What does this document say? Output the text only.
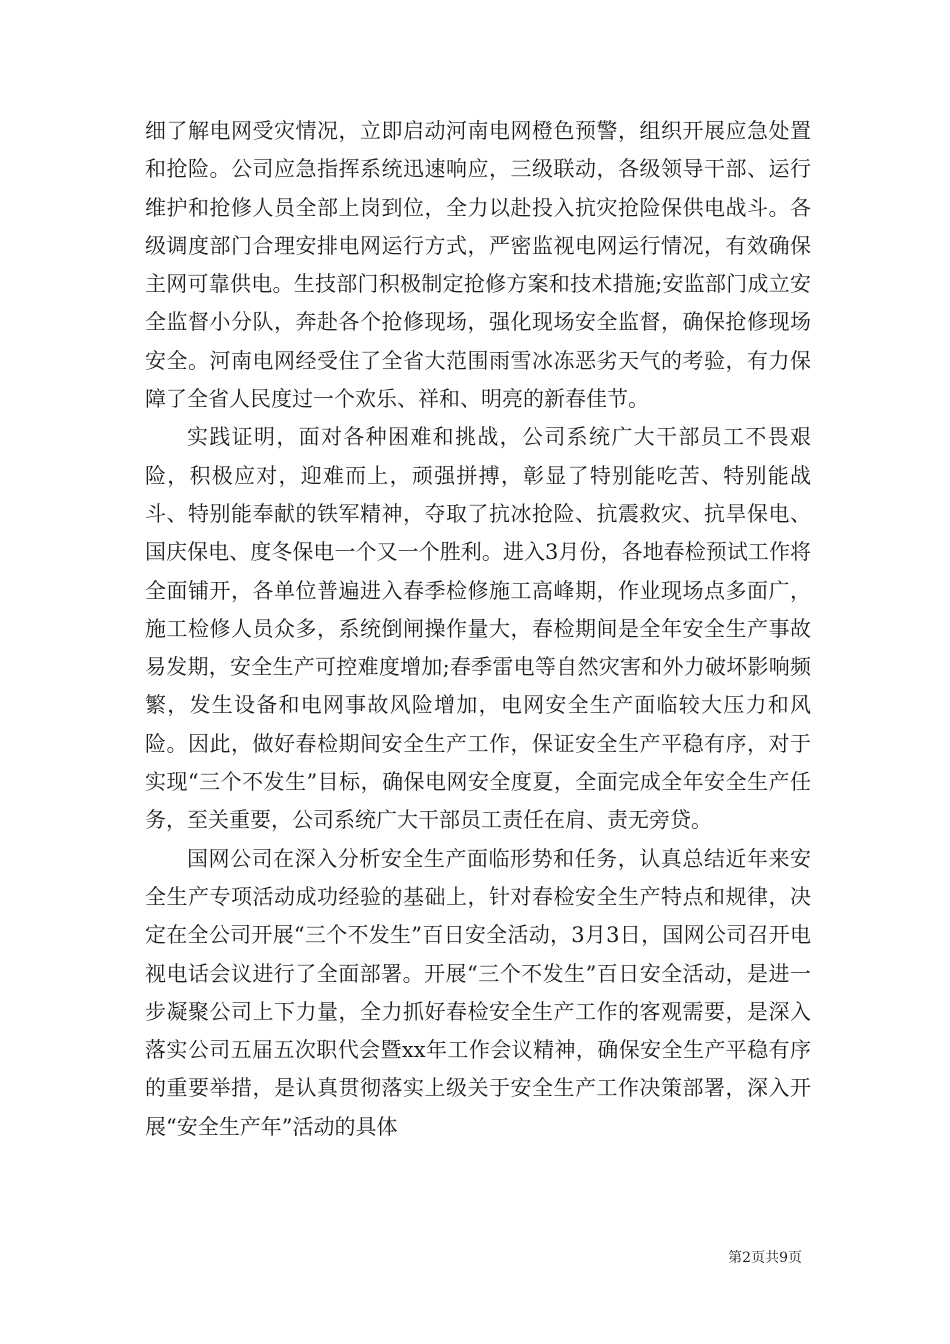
细了解电网受灾情况，立即启动河南电网橙色预警，组织开展应急处置和抢险。公司应急指挥系统迅速响应，三级联动，各级领导干部、运行维护和抢修人员全部上岗到位，全力以赴投入抗灾抢险保供电战斗。各级调度部门合理安排电网运行方式，严密监视电网运行情况，有效确保主网可靠供电。生技部门积极制定抢修方案和技术措施;安监部门成立安全监督小分队，奔赴各个抢修现场，强化现场安全监督，确保抢修现场安全。河南电网经受住了全省大范围雨雪冰冻恶劣天气的考验，有力保障了全省人民度过一个欢乐、祥和、明亮的新春佳节。

实践证明，面对各种困难和挑战，公司系统广大干部员工不畏艰险，积极应对，迎难而上，顽强拼搏，彰显了特别能吃苦、特别能战斗、特别能奉献的铁军精神，夺取了抗冰抢险、抗震救灾、抗旱保电、国庆保电、度冬保电一个又一个胜利。进入3月份，各地春检预试工作将全面铺开，各单位普遍进入春季检修施工高峰期，作业现场点多面广，施工检修人员众多，系统倒闸操作量大，春检期间是全年安全生产事故易发期，安全生产可控难度增加;春季雷电等自然灾害和外力破坏影响频繁，发生设备和电网事故风险增加，电网安全生产面临较大压力和风险。因此，做好春检期间安全生产工作，保证安全生产平稳有序，对于实现“三个不发生”目标，确保电网安全度夏，全面完成全年安全生产任务，至关重要，公司系统广大干部员工责任在肩、责无旁贷。

国网公司在深入分析安全生产面临形势和任务，认真总结近年来安全生产专项活动成功经验的基础上，针对春检安全生产特点和规律，决定在全公司开展“三个不发生”百日安全活动，3月3日，国网公司召开电视电话会议进行了全面部署。开展“三个不发生”百日安全活动，是进一步凝聚公司上下力量，全力抓好春检安全生产工作的客观需要，是深入落实公司五届五次职代会暨xx年工作会议精神，确保安全生产平稳有序的重要举措，是认真贯彻落实上级关于安全生产工作决策部署，深入开展“安全生产年”活动的具体

第2页共9页
